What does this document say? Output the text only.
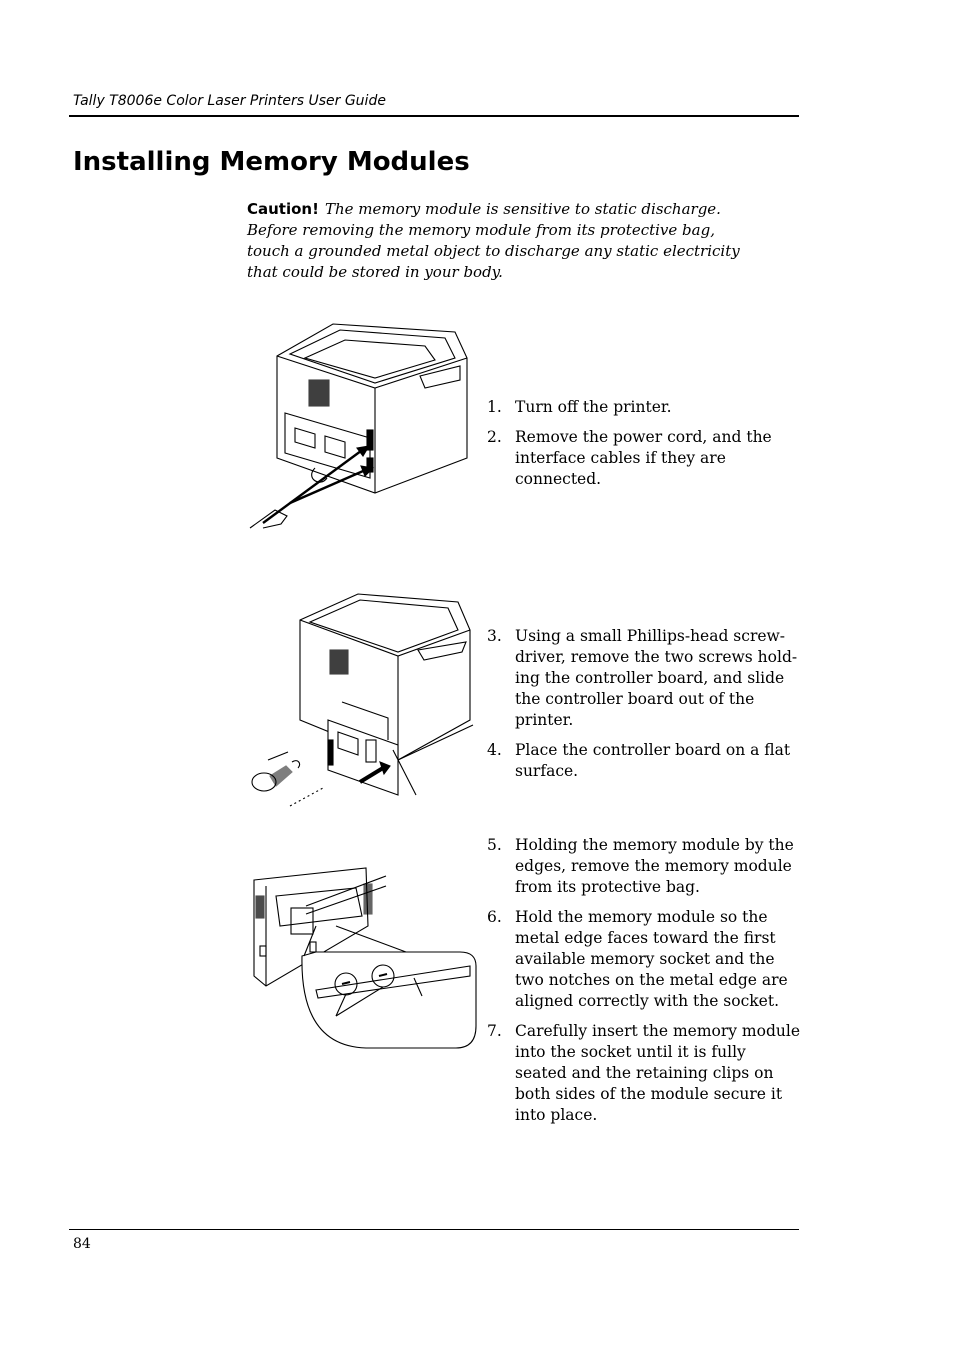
Tally T8006e Color Laser Printers User Guide
Installing Memory Modules
Caution! The memory module is sensitive to static discharge. Before removing the memory module from its protective bag, touch a grounded metal object to discharge any static electricity that could be stored in your body.
1. Turn off the printer.
2. Remove the power cord, and the interface cables if they are connected.
3. Using a small Phillips-head screw-driver, remove the two screws hold-ing the controller board, and slide the controller board out of the printer.
4. Place the controller board on a flat surface.
5. Holding the memory module by the edges, remove the memory module from its protective bag.
6. Hold the memory module so the metal edge faces toward the first available memory socket and the two notches on the metal edge are aligned correctly with the socket.
7. Carefully insert the memory module into the socket until it is fully seated and the retaining clips on both sides of the module secure it into place.
84
